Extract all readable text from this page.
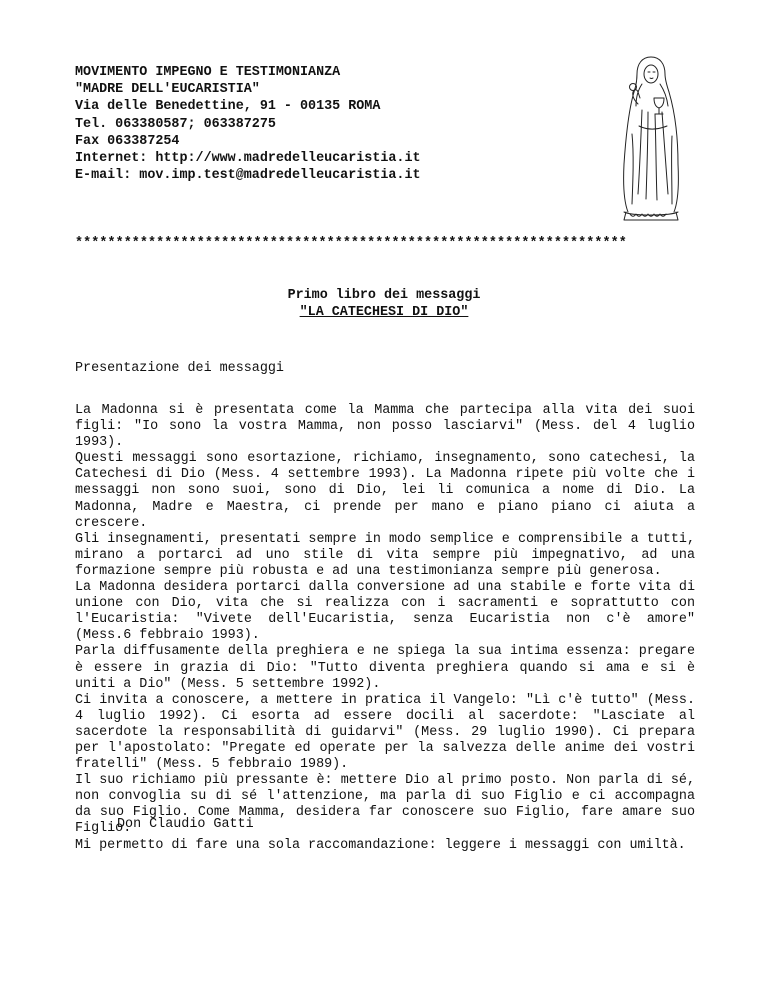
MOVIMENTO IMPEGNO E TESTIMONIANZA
"MADRE DELL'EUCARISTIA"
Via delle Benedettine, 91 - 00135 ROMA
Tel. 063380587; 063387275
Fax 063387254
Internet: http://www.madredelleucaristia.it
E-mail: mov.imp.test@madredelleucaristia.it
********************************************************************
Primo libro dei messaggi
"LA CATECHESI DI DIO"
Presentazione dei messaggi

La Madonna si è presentata come la Mamma che partecipa alla vita dei suoi figli: "Io sono la vostra Mamma, non posso lasciarvi" (Mess. del 4 luglio 1993).

Questi messaggi sono esortazione, richiamo, insegnamento, sono catechesi, la Catechesi di Dio (Mess. 4 settembre 1993). La Madonna ripete più volte che i messaggi non sono suoi, sono di Dio, lei li comunica a nome di Dio. La Madonna, Madre e Maestra, ci prende per mano e piano piano ci aiuta a crescere.

Gli insegnamenti, presentati sempre in modo semplice e comprensibile a tutti, mirano a portarci ad uno stile di vita sempre più impegnativo, ad una formazione sempre più robusta e ad una testimonianza sempre più generosa.

La Madonna desidera portarci dalla conversione ad una stabile e forte vita di unione con Dio, vita che si realizza con i sacramenti e soprattutto con l'Eucaristia: "Vivete dell'Eucaristia, senza Eucaristia non c'è amore" (Mess.6 febbraio 1993).

Parla diffusamente della preghiera e ne spiega la sua intima essenza: pregare è essere in grazia di Dio: "Tutto diventa preghiera quando si ama e si è uniti a Dio" (Mess. 5 settembre 1992).

Ci invita a conoscere, a mettere in pratica il Vangelo: "Lì c'è tutto" (Mess. 4 luglio 1992). Ci esorta ad essere docili al sacerdote: "Lasciate al sacerdote la responsabilità di guidarvi" (Mess. 29 luglio 1990). Ci prepara per l'apostolato: "Pregate ed operate per la salvezza delle anime dei vostri fratelli" (Mess. 5 febbraio 1989).

Il suo richiamo più pressante è: mettere Dio al primo posto. Non parla di sé, non convoglia su di sé l'attenzione, ma parla di suo Figlio e ci accompagna da suo Figlio. Come Mamma, desidera far conoscere suo Figlio, fare amare suo Figlio.

Mi permetto di fare una sola raccomandazione: leggere i messaggi con umiltà.

Don Claudio Gatti
